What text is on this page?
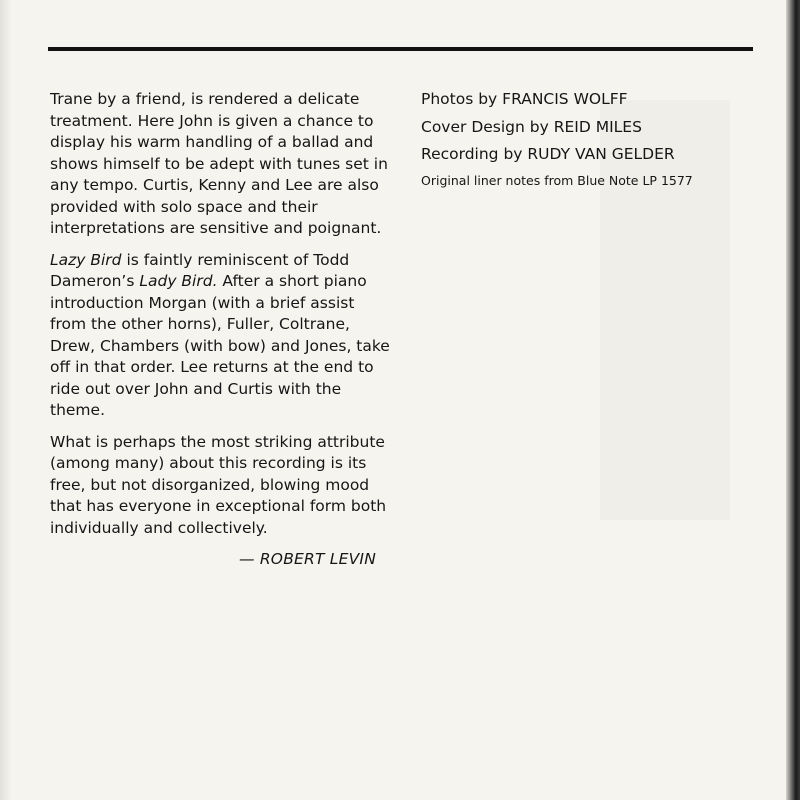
Trane by a friend, is rendered a delicate treatment. Here John is given a chance to display his warm handling of a ballad and shows himself to be adept with tunes set in any tempo. Curtis, Kenny and Lee are also provided with solo space and their interpretations are sensitive and poignant.

Lazy Bird is faintly reminiscent of Todd Dameron’s Lady Bird. After a short piano introduction Morgan (with a brief assist from the other horns), Fuller, Coltrane, Drew, Chambers (with bow) and Jones, take off in that order. Lee returns at the end to ride out over John and Curtis with the theme.

What is perhaps the most striking attribute (among many) about this recording is its free, but not disorganized, blowing mood that has everyone in exceptional form both individually and collectively.

— ROBERT LEVIN
Photos by FRANCIS WOLFF
Cover Design by REID MILES
Recording by RUDY VAN GELDER
Original liner notes from Blue Note LP 1577
